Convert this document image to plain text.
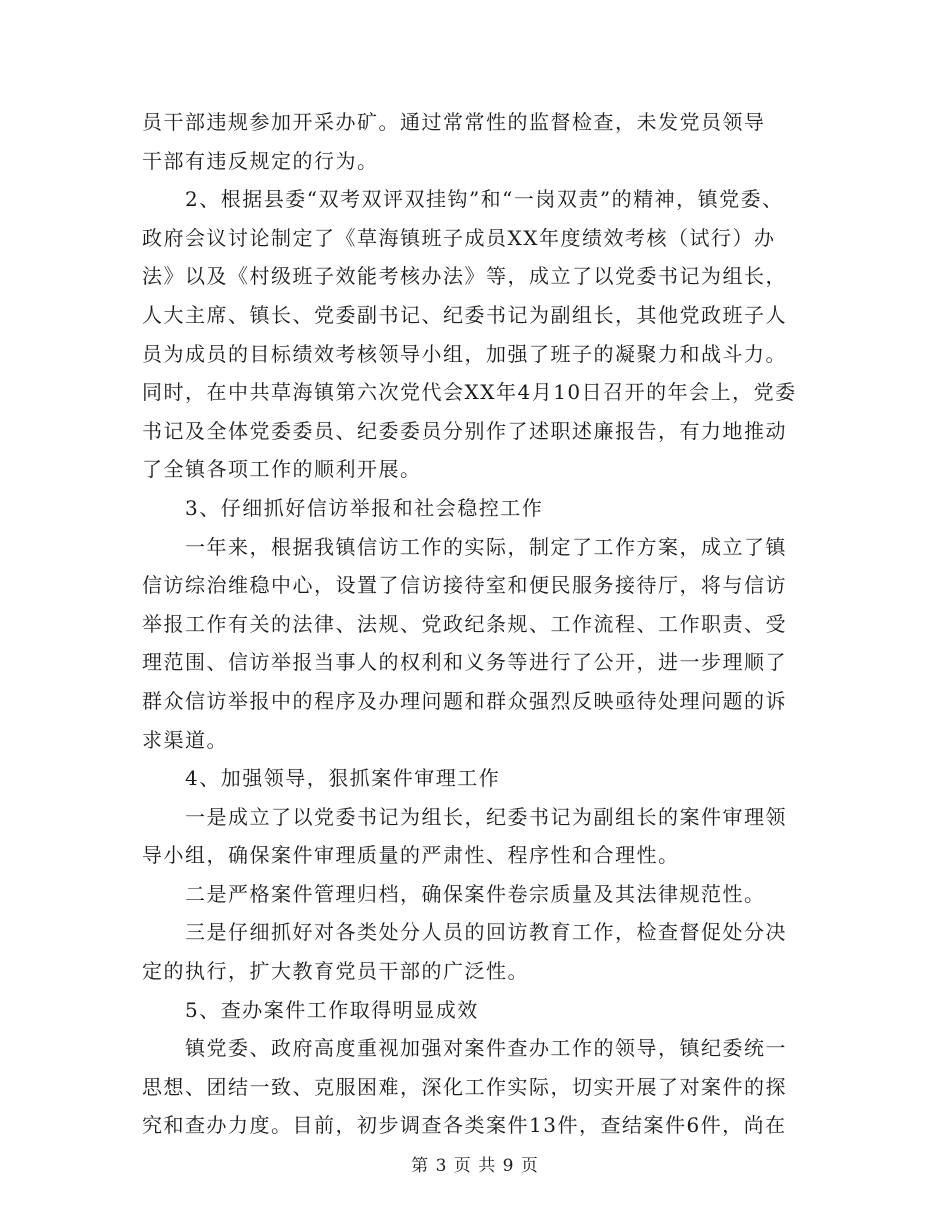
员干部违规参加开采办矿。通过常常性的监督检查，未发党员领导
干部有违反规定的行为。
2、根据县委“双考双评双挂钩”和“一岗双责”的精神，镇党委、
政府会议讨论制定了《草海镇班子成员XX年度绩效考核（试行）办
法》以及《村级班子效能考核办法》等，成立了以党委书记为组长，
人大主席、镇长、党委副书记、纪委书记为副组长，其他党政班子人
员为成员的目标绩效考核领导小组，加强了班子的凝聚力和战斗力。
同时，在中共草海镇第六次党代会XX年4月10日召开的年会上，党委
书记及全体党委委员、纪委委员分别作了述职述廉报告，有力地推动
了全镇各项工作的顺利开展。
3、仔细抓好信访举报和社会稳控工作
一年来，根据我镇信访工作的实际，制定了工作方案，成立了镇
信访综治维稳中心，设置了信访接待室和便民服务接待厅，将与信访
举报工作有关的法律、法规、党政纪条规、工作流程、工作职责、受
理范围、信访举报当事人的权利和义务等进行了公开，进一步理顺了
群众信访举报中的程序及办理问题和群众强烈反映亟待处理问题的诉
求渠道。
4、加强领导，狠抓案件审理工作
一是成立了以党委书记为组长，纪委书记为副组长的案件审理领
导小组，确保案件审理质量的严肃性、程序性和合理性。
二是严格案件管理归档，确保案件卷宗质量及其法律规范性。
三是仔细抓好对各类处分人员的回访教育工作，检查督促处分决
定的执行，扩大教育党员干部的广泛性。
5、查办案件工作取得明显成效
镇党委、政府高度重视加强对案件查办工作的领导，镇纪委统一
思想、团结一致、克服困难，深化工作实际，切实开展了对案件的探
究和查办力度。目前，初步调查各类案件13件，查结案件6件，尚在
第 3 页 共 9 页
